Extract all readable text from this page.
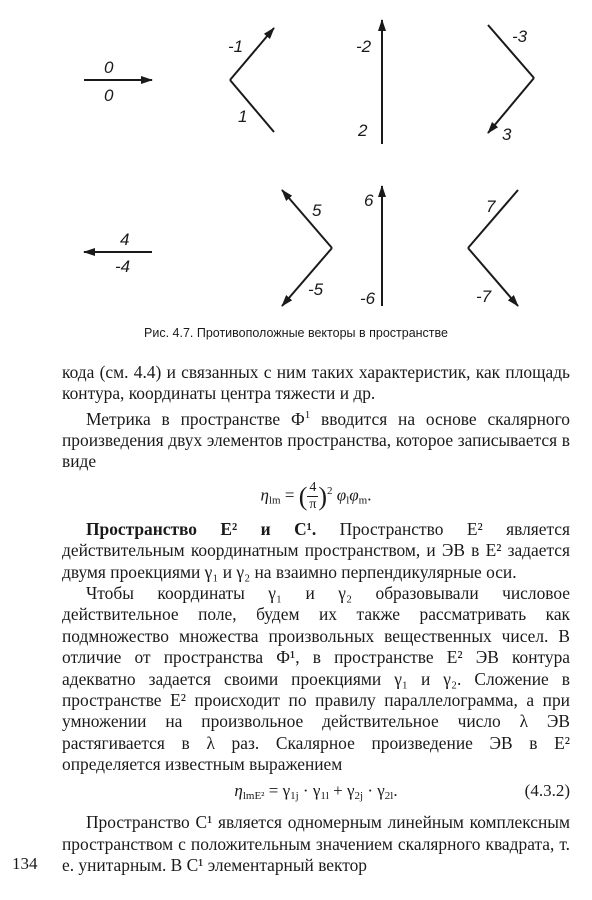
0
0
-1
1
-2
2
-3
3
4
-4
5
-5
6
-6
7
-7
Рис. 4.7. Противоположные векторы в пространстве

кода (см. 4.4) и связанных с ним таких характеристик, как площадь контура, координаты центра тяжести и др.

Метрика в пространстве $Ф^1$ вводится на основе скалярного произведения двух элементов пространства, которое записывается в виде

$\eta_{lm}$ = ( $\frac{4}{\pi} )^2$ $\varphi_l\varphi_m$.

Пространство E² и C¹. Пространство E² является действительным координатным пространством, и ЭВ в E² задается двумя проекциями γ₁ и γ₂ на взаимно перпендикулярные оси.

Чтобы координаты γ₁ и γ₂ образовывали числовое действительное поле, будем их также рассматривать как подмножество множества произвольных вещественных чисел. В отличие от пространства Ф¹, в пространстве E² ЭВ контура адекватно задается своими проекциями γ₁ и γ₂. Сложение в пространстве E² происходит по правилу параллелограмма, а при умножении на произвольное действительное число λ ЭВ растягивается в λ раз. Скалярное произведение ЭВ в E² определяется известным выражением

$\eta_{lmE^2} = \gamma_{1j} \cdot \gamma_{1l} + \gamma_{2j} \cdot \gamma_{2l}$.	(4.3.2)

Пространство C¹ является одномерным линейным комплексным пространством с положительным значением скалярного квадрата, т. е. унитарным. В C¹ элементарный вектор

134
